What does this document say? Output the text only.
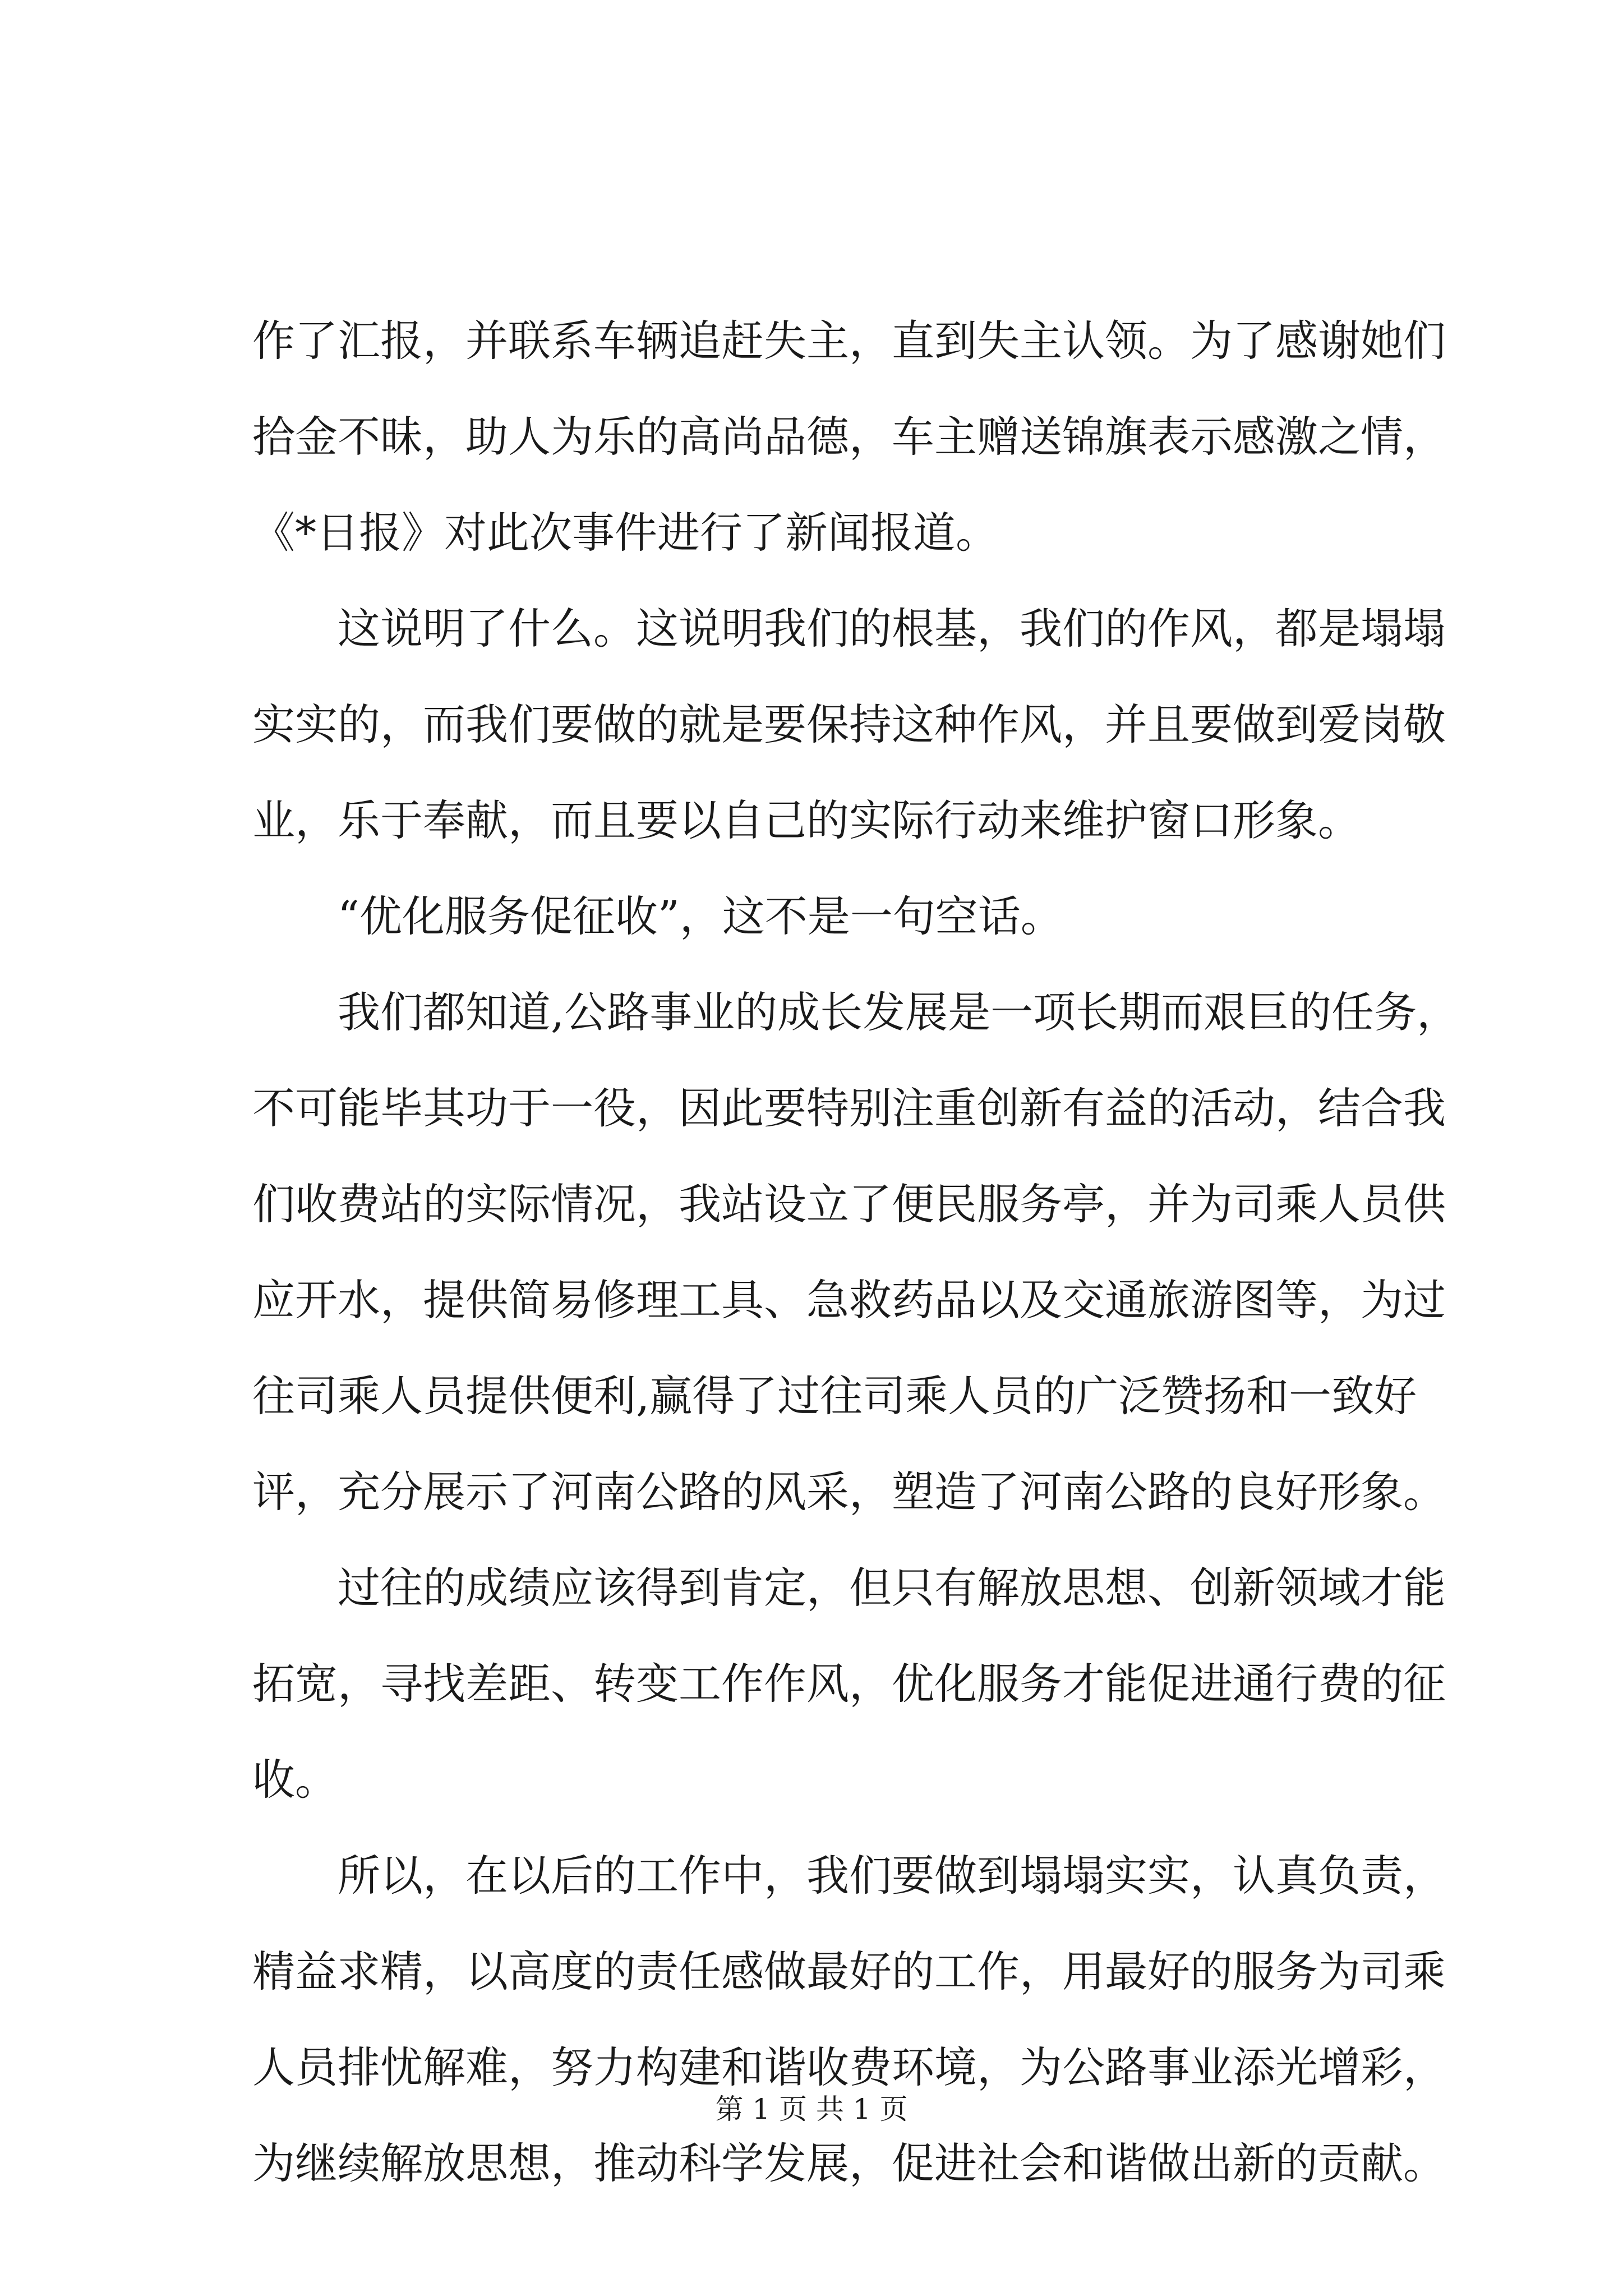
作了汇报，并联系车辆追赶失主，直到失主认领。为了感谢她们
拾金不昧，助人为乐的高尚品德，车主赠送锦旗表示感激之情，
《*日报》对此次事件进行了新闻报道。
这说明了什么。这说明我们的根基，我们的作风，都是塌塌
实实的，而我们要做的就是要保持这种作风，并且要做到爱岗敬
业，乐于奉献，而且要以自己的实际行动来维护窗口形象。
“优化服务促征收”，这不是一句空话。
我们都知道,公路事业的成长发展是一项长期而艰巨的任务，
不可能毕其功于一役，因此要特别注重创新有益的活动，结合我
们收费站的实际情况，我站设立了便民服务亭，并为司乘人员供
应开水，提供简易修理工具、急救药品以及交通旅游图等，为过
往司乘人员提供便利,赢得了过往司乘人员的广泛赞扬和一致好
评，充分展示了河南公路的风采，塑造了河南公路的良好形象。
过往的成绩应该得到肯定，但只有解放思想、创新领域才能
拓宽，寻找差距、转变工作作风，优化服务才能促进通行费的征
收。
所以，在以后的工作中，我们要做到塌塌实实，认真负责，
精益求精，以高度的责任感做最好的工作，用最好的服务为司乘
人员排忧解难，努力构建和谐收费环境，为公路事业添光增彩，
为继续解放思想，推动科学发展，促进社会和谐做出新的贡献。
第 1 页 共 1 页
